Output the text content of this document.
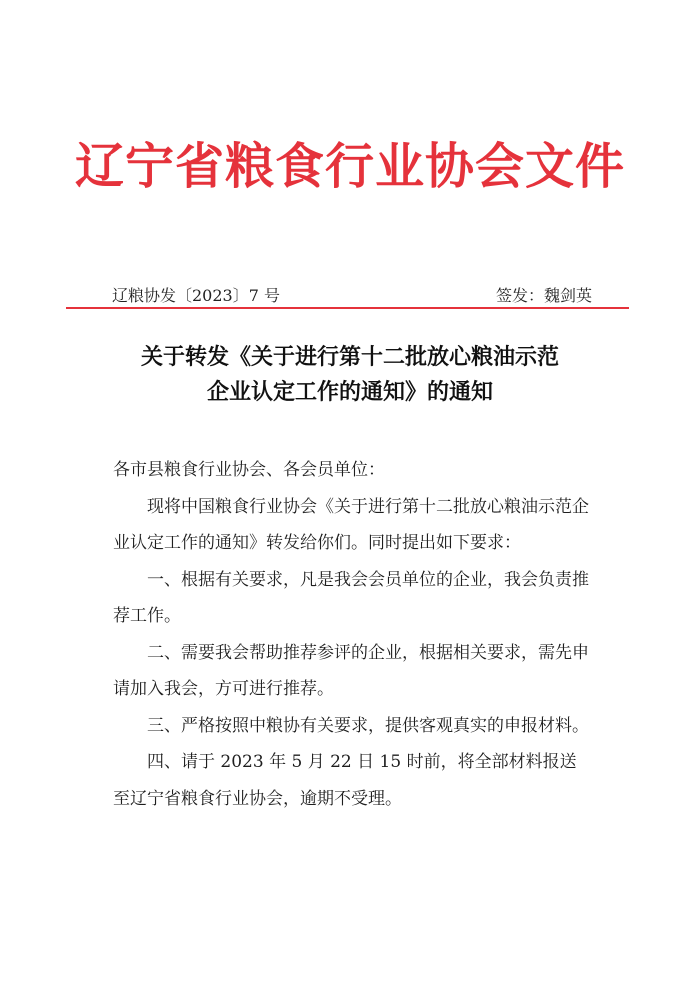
辽宁省粮食行业协会文件
辽粮协发〔2023〕7 号	签发：魏剑英
关于转发《关于进行第十二批放心粮油示范
企业认定工作的通知》的通知

各市县粮食行业协会、各会员单位：

现将中国粮食行业协会《关于进行第十二批放心粮油示范企业认定工作的通知》转发给你们。同时提出如下要求：

一、根据有关要求，凡是我会会员单位的企业，我会负责推荐工作。

二、需要我会帮助推荐参评的企业，根据相关要求，需先申请加入我会，方可进行推荐。

三、严格按照中粮协有关要求，提供客观真实的申报材料。

四、请于 2023 年 5 月 22 日 15 时前，将全部材料报送至辽宁省粮食行业协会，逾期不受理。
